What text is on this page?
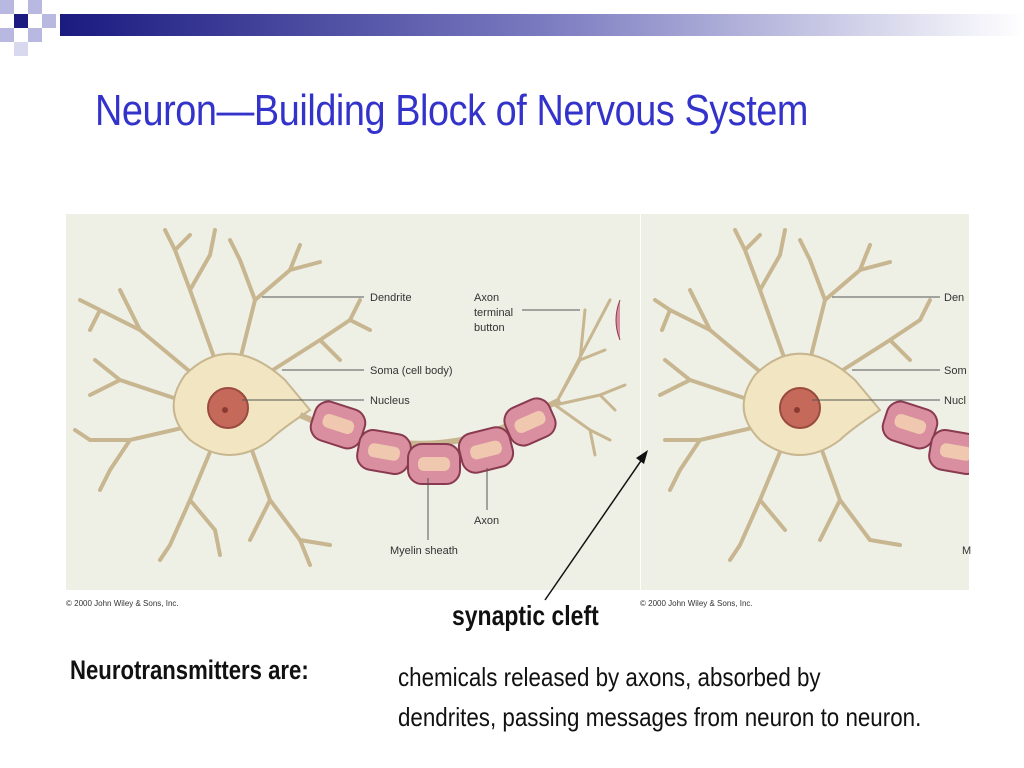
Neuron—Building Block of Nervous System
Dendrite	Axon
terminal
button
Soma (cell body)
Nucleus
Axon
Myelin sheath
© 2000 John Wiley & Sons, Inc.
Den
Som
Nucl
M
© 2000 John Wiley & Sons, Inc.
synaptic cleft
Neurotransmitters are:	chemicals released by axons, absorbed by
dendrites, passing messages from neuron to neuron.
